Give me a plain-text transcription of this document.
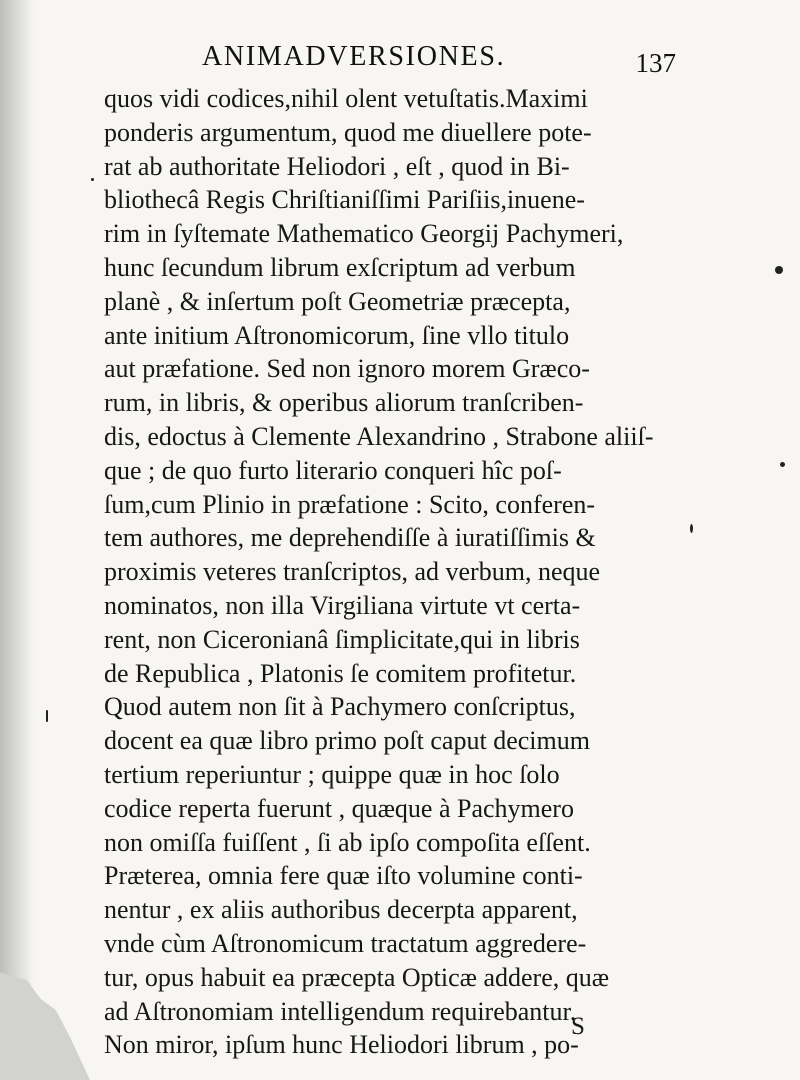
ANIMADVERSIONES.	137
quos vidi codices,nihil olent vetuſtatis.Maximi
ponderis argumentum, quod me diuellere pote-
rat ab authoritate Heliodori , eſt , quod in Bi-
bliothecâ Regis Chriſtianiſſimi Pariſiis,inuene-
rim in ſyſtemate Mathematico Georgij Pachymeri,
hunc ſecundum librum exſcriptum ad verbum
planè , & inſertum poſt Geometriæ præcepta,
ante initium Aſtronomicorum, ſine vllo titulo
aut præfatione. Sed non ignoro morem Græco-
rum, in libris, & operibus aliorum tranſcriben-
dis, edoctus à Clemente Alexandrino , Strabone aliiſ-
que ; de quo furto literario conqueri hîc poſ-
ſum,cum Plinio in præfatione : Scito, conferen-
tem authores, me deprehendiſſe à iuratiſſimis &
proximis veteres tranſcriptos, ad verbum, neque
nominatos, non illa Virgiliana virtute vt certa-
rent, non Ciceronianâ ſimplicitate,qui in libris
de Republica , Platonis ſe comitem profitetur.
Quod autem non ſit à Pachymero conſcriptus,
docent ea quæ libro primo poſt caput decimum
tertium reperiuntur ; quippe quæ in hoc ſolo
codice reperta fuerunt , quæque à Pachymero
non omiſſa fuiſſent , ſi ab ipſo compoſita eſſent.
Præterea, omnia fere quæ iſto volumine conti-
nentur , ex aliis authoribus decerpta apparent,
vnde cùm Aſtronomicum tractatum aggredere-
tur, opus habuit ea præcepta Opticæ addere, quæ
ad Aſtronomiam intelligendum requirebantur.
Non miror, ipſum hunc Heliodori librum , po-
S
